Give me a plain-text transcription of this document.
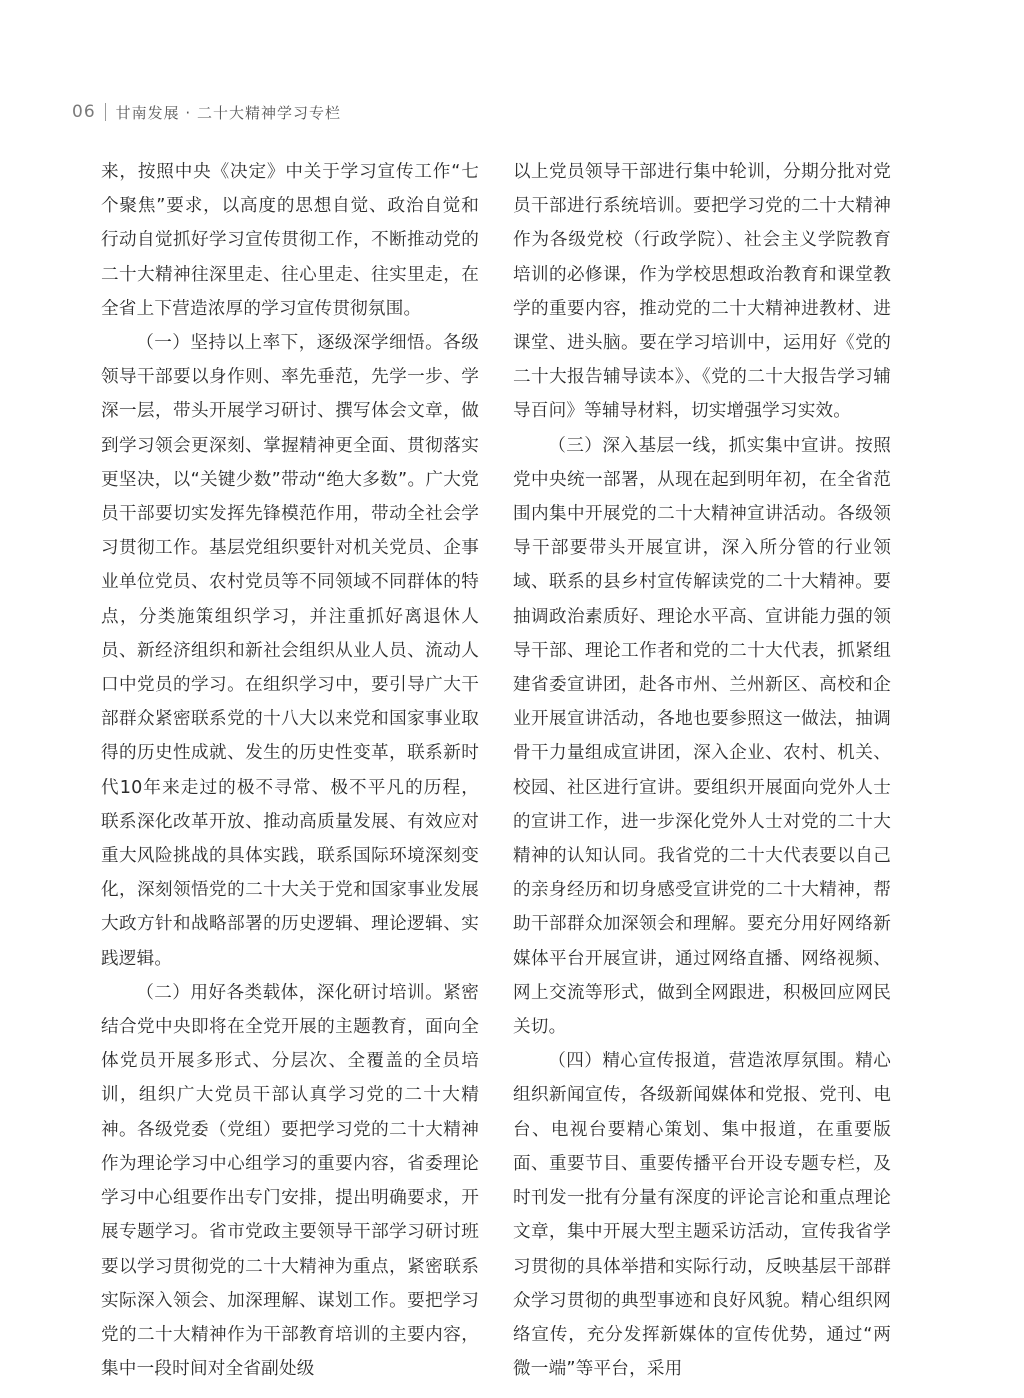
06 甘南发展 · 二十大精神学习专栏

来，按照中央《决定》中关于学习宣传工作“七个聚焦”要求，以高度的思想自觉、政治自觉和行动自觉抓好学习宣传贯彻工作，不断推动党的二十大精神往深里走、往心里走、往实里走，在全省上下营造浓厚的学习宣传贯彻氛围。

（一）坚持以上率下，逐级深学细悟。各级领导干部要以身作则、率先垂范，先学一步、学深一层，带头开展学习研讨、撰写体会文章，做到学习领会更深刻、掌握精神更全面、贯彻落实更坚决，以“关键少数”带动“绝大多数”。广大党员干部要切实发挥先锋模范作用，带动全社会学习贯彻工作。基层党组织要针对机关党员、企事业单位党员、农村党员等不同领域不同群体的特点，分类施策组织学习，并注重抓好离退休人员、新经济组织和新社会组织从业人员、流动人口中党员的学习。在组织学习中，要引导广大干部群众紧密联系党的十八大以来党和国家事业取得的历史性成就、发生的历史性变革，联系新时代10年来走过的极不寻常、极不平凡的历程，联系深化改革开放、推动高质量发展、有效应对重大风险挑战的具体实践，联系国际环境深刻变化，深刻领悟党的二十大关于党和国家事业发展大政方针和战略部署的历史逻辑、理论逻辑、实践逻辑。

（二）用好各类载体，深化研讨培训。紧密结合党中央即将在全党开展的主题教育，面向全体党员开展多形式、分层次、全覆盖的全员培训，组织广大党员干部认真学习党的二十大精神。各级党委（党组）要把学习党的二十大精神作为理论学习中心组学习的重要内容，省委理论学习中心组要作出专门安排，提出明确要求，开展专题学习。省市党政主要领导干部学习研讨班要以学习贯彻党的二十大精神为重点，紧密联系实际深入领会、加深理解、谋划工作。要把学习党的二十大精神作为干部教育培训的主要内容，集中一段时间对全省副处级

以上党员领导干部进行集中轮训，分期分批对党员干部进行系统培训。要把学习党的二十大精神作为各级党校（行政学院）、社会主义学院教育培训的必修课，作为学校思想政治教育和课堂教学的重要内容，推动党的二十大精神进教材、进课堂、进头脑。要在学习培训中，运用好《党的二十大报告辅导读本》、《党的二十大报告学习辅导百问》等辅导材料，切实增强学习实效。

（三）深入基层一线，抓实集中宣讲。按照党中央统一部署，从现在起到明年初，在全省范围内集中开展党的二十大精神宣讲活动。各级领导干部要带头开展宣讲，深入所分管的行业领域、联系的县乡村宣传解读党的二十大精神。要抽调政治素质好、理论水平高、宣讲能力强的领导干部、理论工作者和党的二十大代表，抓紧组建省委宣讲团，赴各市州、兰州新区、高校和企业开展宣讲活动，各地也要参照这一做法，抽调骨干力量组成宣讲团，深入企业、农村、机关、校园、社区进行宣讲。要组织开展面向党外人士的宣讲工作，进一步深化党外人士对党的二十大精神的认知认同。我省党的二十大代表要以自己的亲身经历和切身感受宣讲党的二十大精神，帮助干部群众加深领会和理解。要充分用好网络新媒体平台开展宣讲，通过网络直播、网络视频、网上交流等形式，做到全网跟进，积极回应网民关切。

（四）精心宣传报道，营造浓厚氛围。精心组织新闻宣传，各级新闻媒体和党报、党刊、电台、电视台要精心策划、集中报道，在重要版面、重要节目、重要传播平台开设专题专栏，及时刊发一批有分量有深度的评论言论和重点理论文章，集中开展大型主题采访活动，宣传我省学习贯彻的具体举措和实际行动，反映基层干部群众学习贯彻的典型事迹和良好风貌。精心组织网络宣传，充分发挥新媒体的宣传优势，通过“两微一端”等平台，采用
